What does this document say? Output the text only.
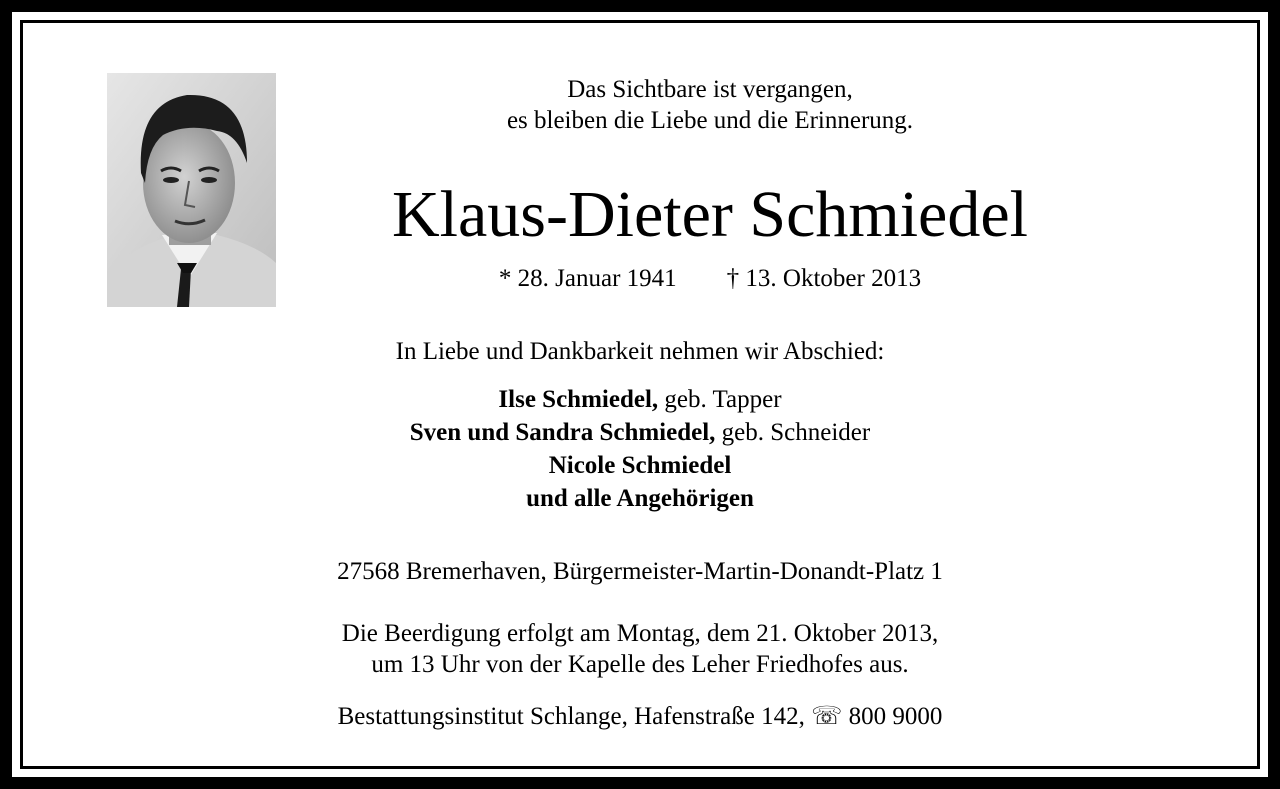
Das Sichtbare ist vergangen,
es bleiben die Liebe und die Erinnerung.
Klaus-Dieter Schmiedel
* 28. Januar 1941 † 13. Oktober 2013
In Liebe und Dankbarkeit nehmen wir Abschied:
Ilse Schmiedel, geb. Tapper
Sven und Sandra Schmiedel, geb. Schneider
Nicole Schmiedel
und alle Angehörigen
27568 Bremerhaven, Bürgermeister-Martin-Donandt-Platz 1
Die Beerdigung erfolgt am Montag, dem 21. Oktober 2013,
um 13 Uhr von der Kapelle des Leher Friedhofes aus.
Bestattungsinstitut Schlange, Hafenstraße 142, ☏ 800 9000
